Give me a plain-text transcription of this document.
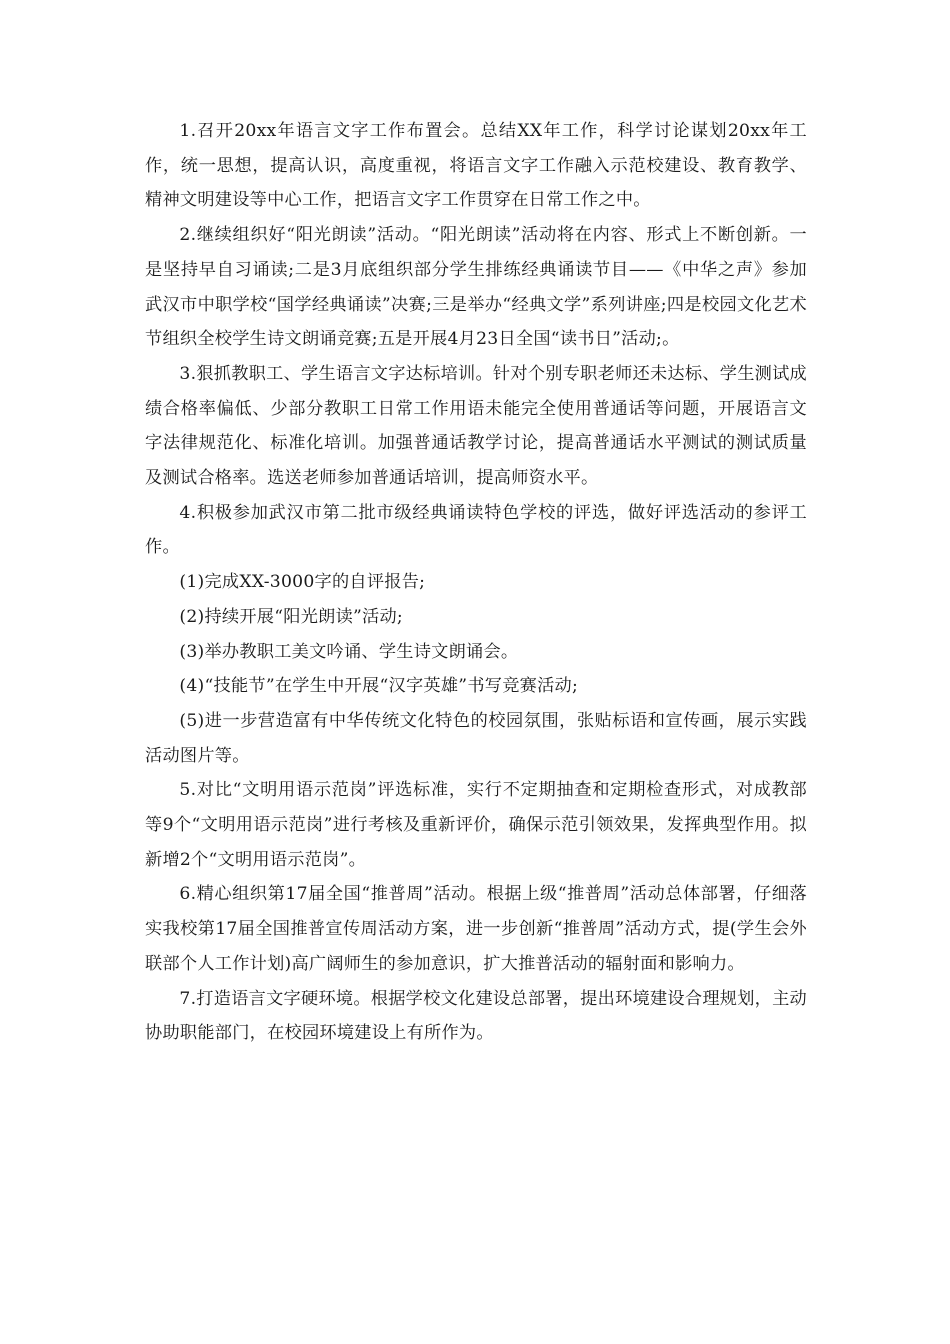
1.召开20xx年语言文字工作布置会。总结XX年工作，科学讨论谋划20xx年工作，统一思想，提高认识，高度重视，将语言文字工作融入示范校建设、教育教学、精神文明建设等中心工作，把语言文字工作贯穿在日常工作之中。

2.继续组织好“阳光朗读”活动。“阳光朗读”活动将在内容、形式上不断创新。一是坚持早自习诵读;二是3月底组织部分学生排练经典诵读节目——《中华之声》参加武汉市中职学校“国学经典诵读”决赛;三是举办“经典文学”系列讲座;四是校园文化艺术节组织全校学生诗文朗诵竞赛;五是开展4月23日全国“读书日”活动;。

3.狠抓教职工、学生语言文字达标培训。针对个别专职老师还未达标、学生测试成绩合格率偏低、少部分教职工日常工作用语未能完全使用普通话等问题，开展语言文字法律规范化、标准化培训。加强普通话教学讨论，提高普通话水平测试的测试质量及测试合格率。选送老师参加普通话培训，提高师资水平。

4.积极参加武汉市第二批市级经典诵读特色学校的评选，做好评选活动的参评工作。

(1)完成XX-3000字的自评报告;

(2)持续开展“阳光朗读”活动;

(3)举办教职工美文吟诵、学生诗文朗诵会。

(4)“技能节”在学生中开展“汉字英雄”书写竞赛活动;

(5)进一步营造富有中华传统文化特色的校园氛围，张贴标语和宣传画，展示实践活动图片等。

5.对比“文明用语示范岗”评选标准，实行不定期抽查和定期检查形式，对成教部等9个“文明用语示范岗”进行考核及重新评价，确保示范引领效果，发挥典型作用。拟新增2个“文明用语示范岗”。

6.精心组织第17届全国“推普周”活动。根据上级“推普周”活动总体部署，仔细落实我校第17届全国推普宣传周活动方案，进一步创新“推普周”活动方式，提(学生会外联部个人工作计划)高广阔师生的参加意识，扩大推普活动的辐射面和影响力。

7.打造语言文字硬环境。根据学校文化建设总部署，提出环境建设合理规划，主动协助职能部门，在校园环境建设上有所作为。
